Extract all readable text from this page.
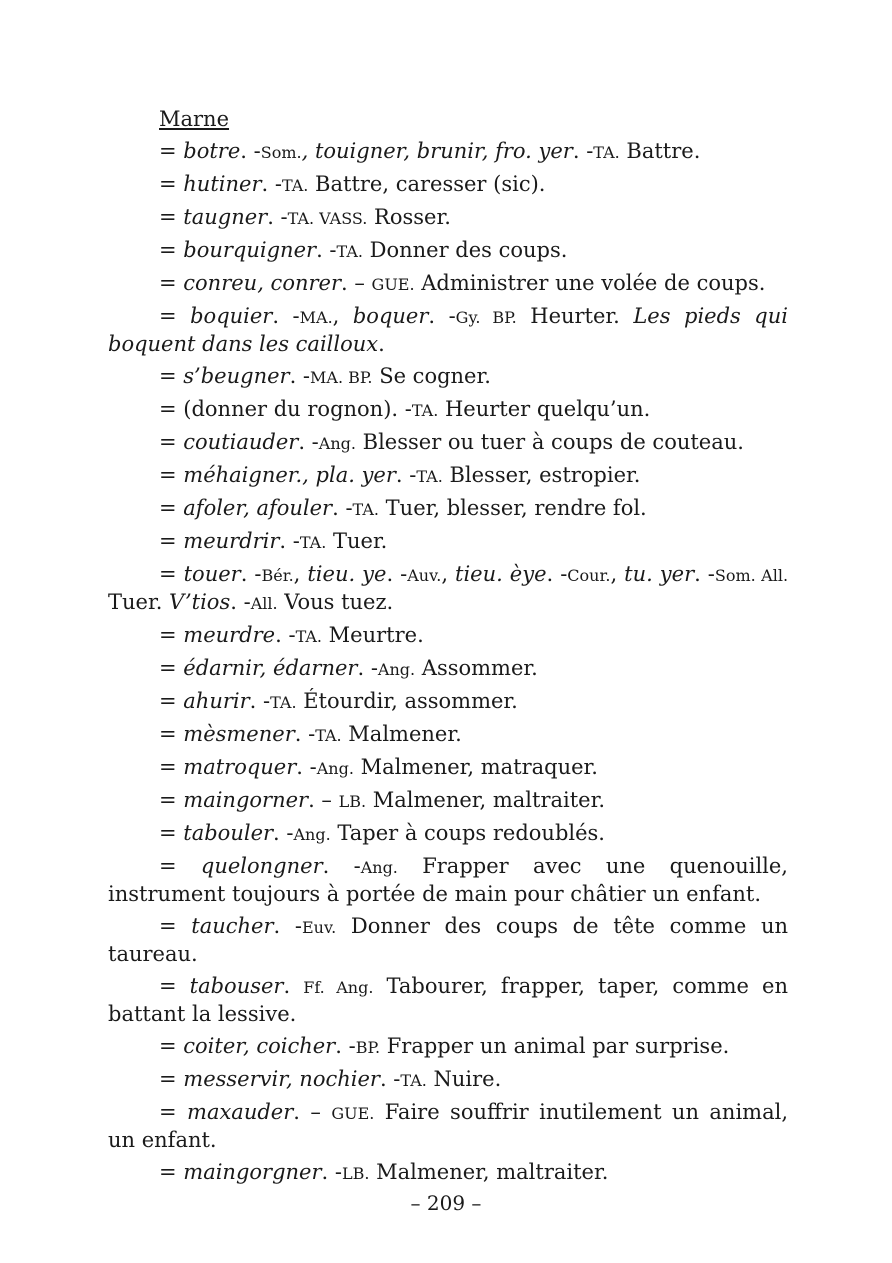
Marne

= botre. -Som., touigner, brunir, fro. yer. -TA. Battre.

= hutiner. -TA. Battre, caresser (sic).

= taugner. -TA. VASS. Rosser.

= bourquigner. -TA. Donner des coups.

= conreu, conrer. – GUE. Administrer une volée de coups.

= boquier. -MA., boquer. -Gy. BP. Heurter. Les pieds qui boquent dans les cailloux.

= s’beugner. -MA. BP. Se cogner.

= (donner du rognon). -TA. Heurter quelqu’un.

= coutiauder. -Ang. Blesser ou tuer à coups de couteau.

= méhaigner., pla. yer. -TA. Blesser, estropier.

= afoler, afouler. -TA. Tuer, blesser, rendre fol.

= meurdrir. -TA. Tuer.

= touer. -Bér., tieu. ye. -Auv., tieu. èye. -Cour., tu. yer. -Som. All. Tuer. V’tios. -All. Vous tuez.

= meurdre. -TA. Meurtre.

= édarnir, édarner. -Ang. Assommer.

= ahurir. -TA. Étourdir, assommer.

= mèsmener. -TA. Malmener.

= matroquer. -Ang. Malmener, matraquer.

= maingorner. – LB. Malmener, maltraiter.

= tabouler. -Ang. Taper à coups redoublés.

= quelongner. -Ang. Frapper avec une quenouille, instrument toujours à portée de main pour châtier un enfant.

= taucher. -Euv. Donner des coups de tête comme un taureau.

= tabouser. Ff. Ang. Tabourer, frapper, taper, comme en battant la lessive.

= coiter, coicher. -BP. Frapper un animal par surprise.

= messervir, nochier. -TA. Nuire.

= maxauder. – GUE. Faire souffrir inutilement un animal, un enfant.

= maingorgner. -LB. Malmener, maltraiter.

– 209 –
